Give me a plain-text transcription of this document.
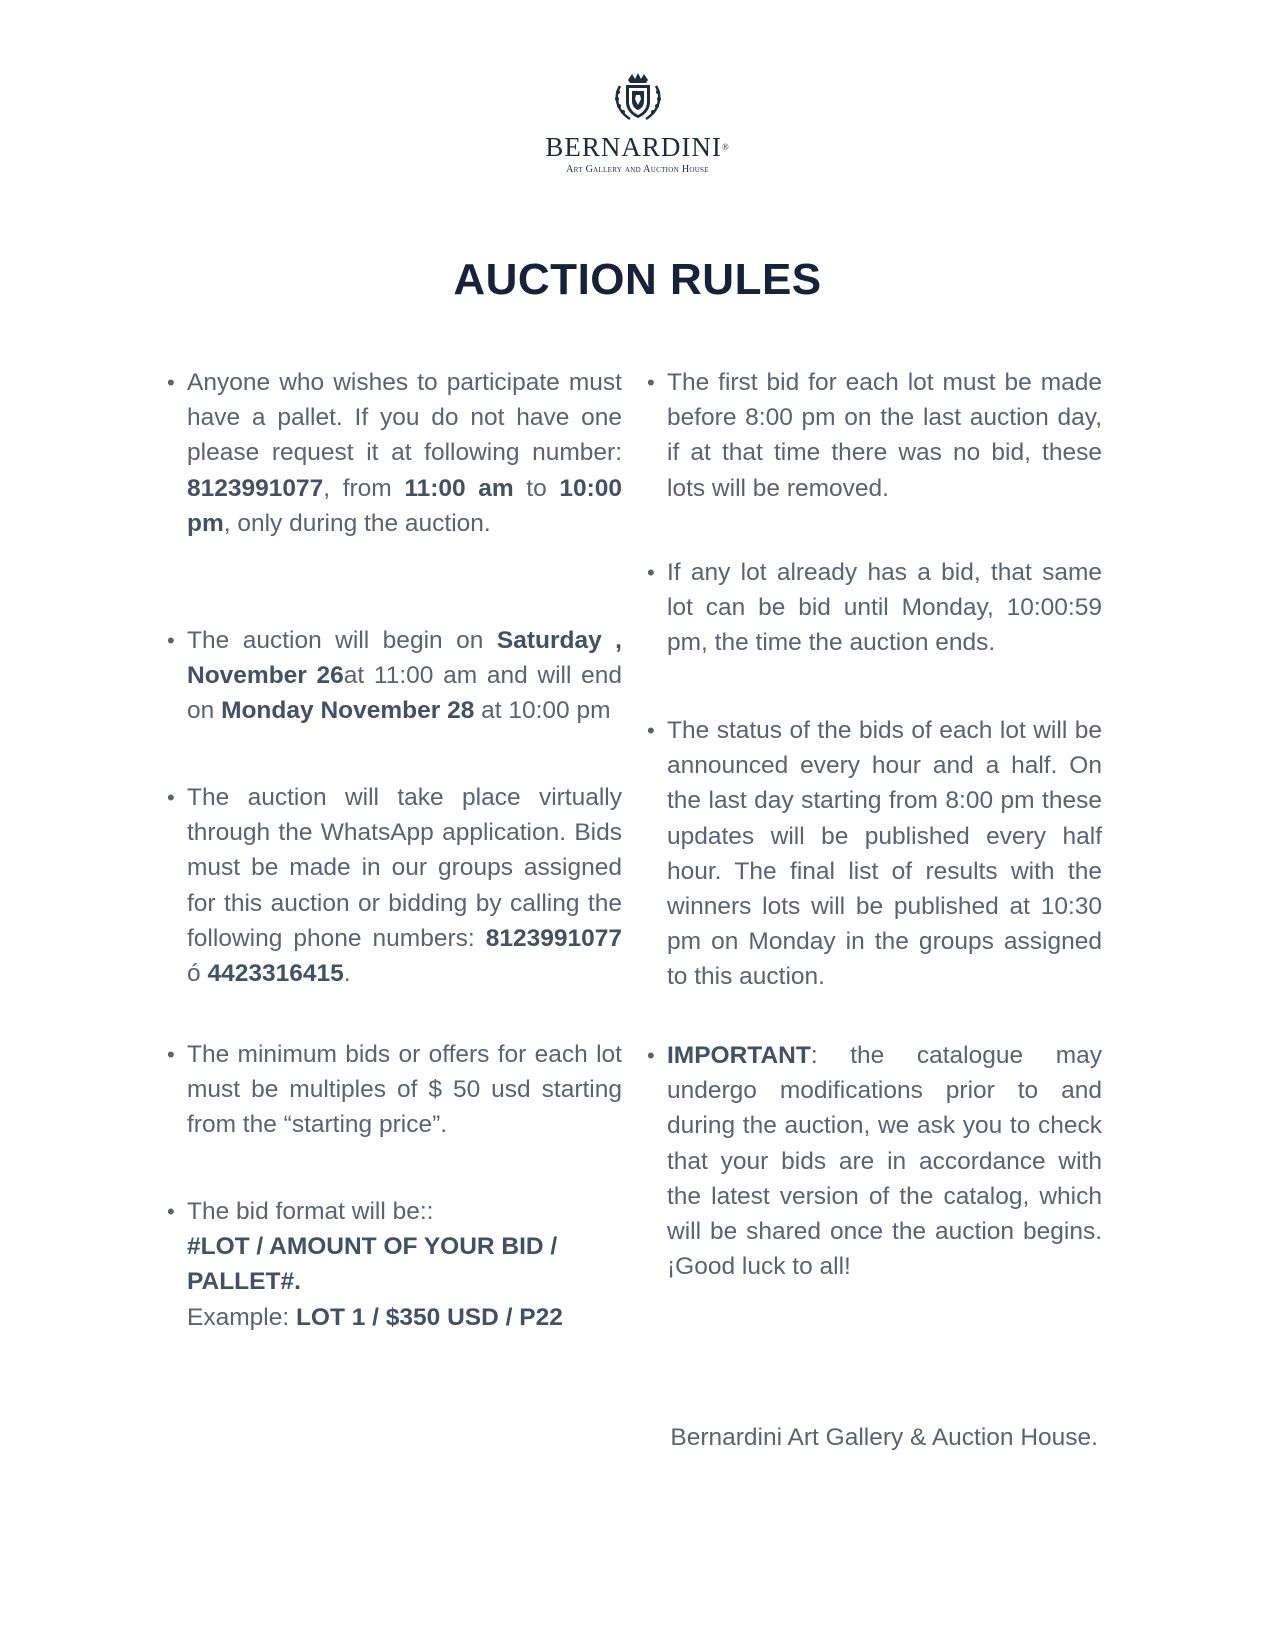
BERNARDINI®
Art Gallery and Auction House
AUCTION RULES
• Anyone who wishes to participate must have a pallet. If you do not have one please request it at following number: 8123991077, from 11:00 am to 10:00 pm, only during the auction.
• The auction will begin on Saturday , November 26at 11:00 am and will end on Monday November 28 at 10:00 pm
• The auction will take place virtually through the WhatsApp application. Bids must be made in our groups assigned for this auction or bidding by calling the following phone numbers: 8123991077 ó 4423316415.
• The minimum bids or offers for each lot must be multiples of $ 50 usd starting from the “starting price”.
• The bid format will be::
#LOT / AMOUNT OF YOUR BID / PALLET#.
Example: LOT 1 / $350 USD / P22
• The first bid for each lot must be made before 8:00 pm on the last auction day, if at that time there was no bid, these lots will be removed.
• If any lot already has a bid, that same lot can be bid until Monday, 10:00:59 pm, the time the auction ends.
• The status of the bids of each lot will be announced every hour and a half. On the last day starting from 8:00 pm these updates will be published every half hour. The final list of results with the winners lots will be published at 10:30 pm on Monday in the groups assigned to this auction.
• IMPORTANT: the catalogue may undergo modifications prior to and during the auction, we ask you to check that your bids are in accordance with the latest version of the catalog, which will be shared once the auction begins. ¡Good luck to all!
Bernardini Art Gallery & Auction House.
